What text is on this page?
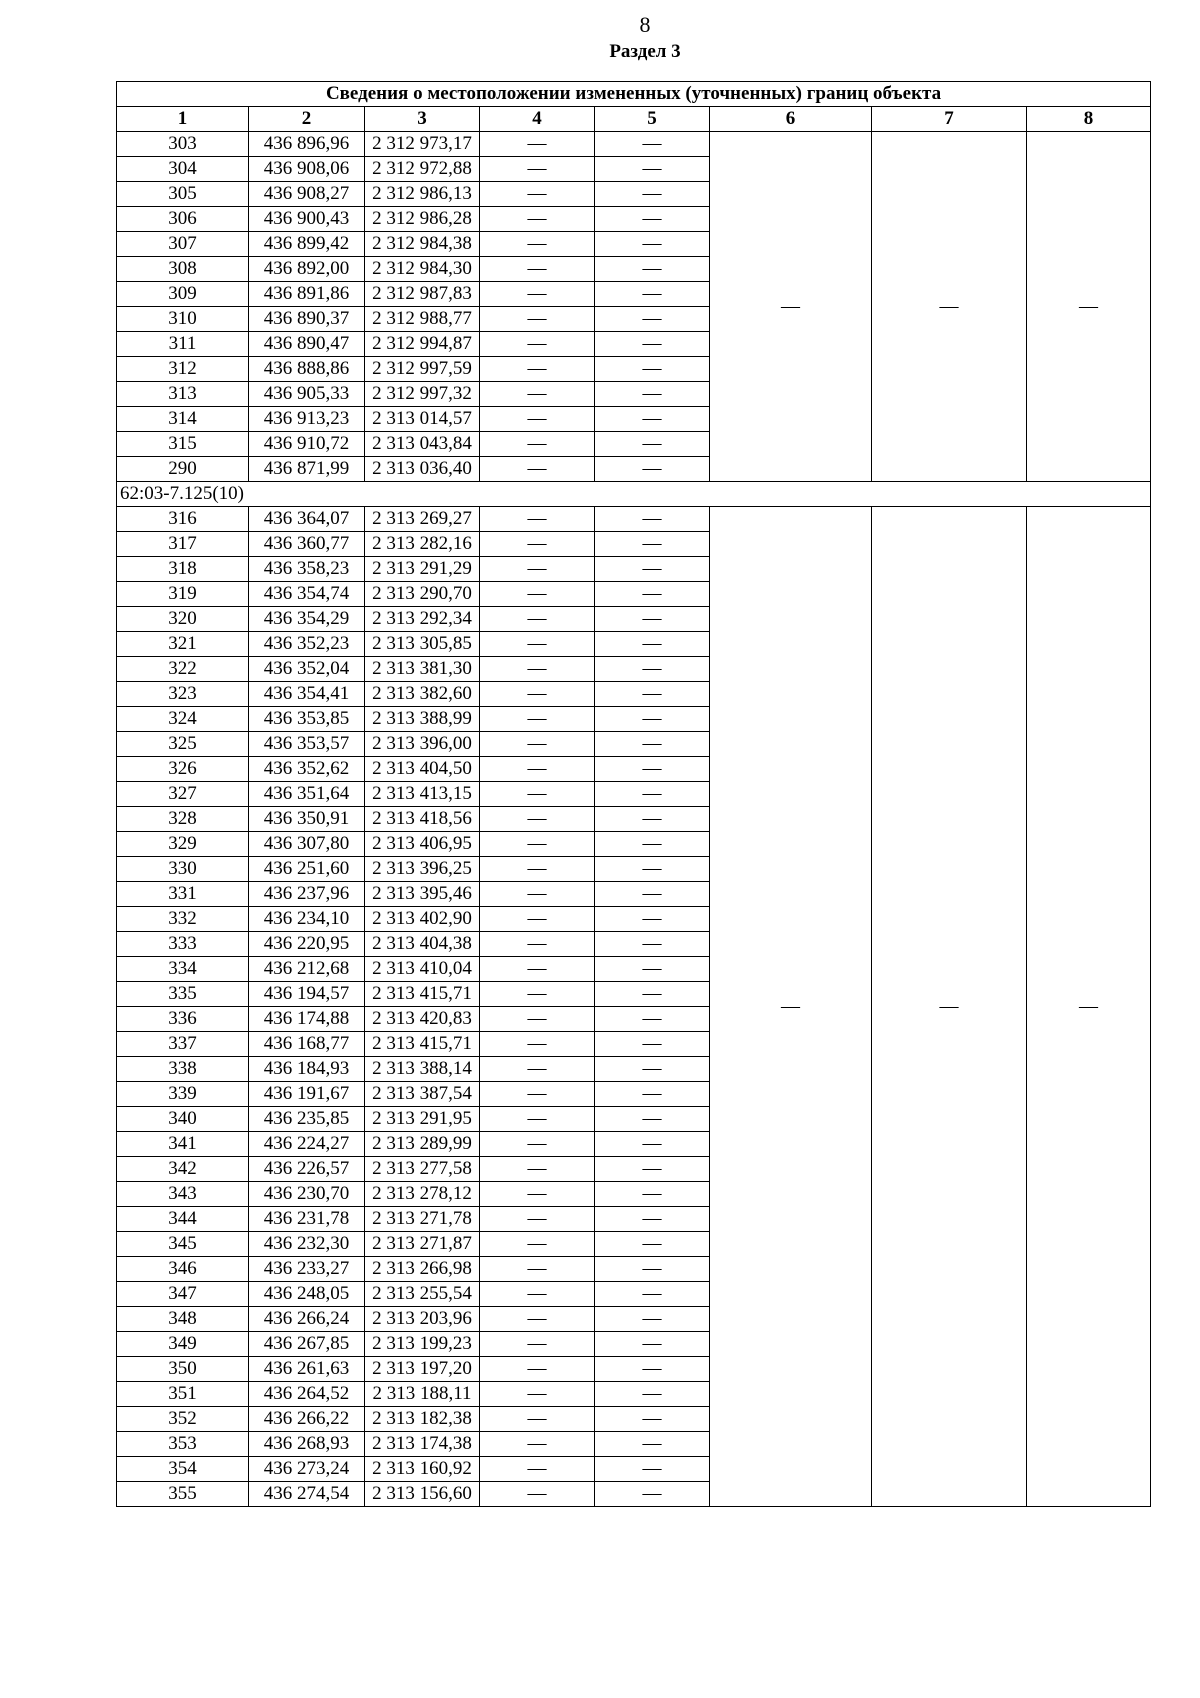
8
Раздел 3
Сведения о местоположении измененных (уточненных) границ объекта							
1	2	3	4	5	6	7	8
303	436 896,96	2 312 973,17	—	—	—	—	—
304	436 908,06	2 312 972,88	—	—			
305	436 908,27	2 312 986,13	—	—			
306	436 900,43	2 312 986,28	—	—			
307	436 899,42	2 312 984,38	—	—			
308	436 892,00	2 312 984,30	—	—			
309	436 891,86	2 312 987,83	—	—			
310	436 890,37	2 312 988,77	—	—			
311	436 890,47	2 312 994,87	—	—			
312	436 888,86	2 312 997,59	—	—			
313	436 905,33	2 312 997,32	—	—			
314	436 913,23	2 313 014,57	—	—			
315	436 910,72	2 313 043,84	—	—			
290	436 871,99	2 313 036,40	—	—			
62:03-7.125(10)							
316	436 364,07	2 313 269,27	—	—	—	—	—
317	436 360,77	2 313 282,16	—	—			
318	436 358,23	2 313 291,29	—	—			
319	436 354,74	2 313 290,70	—	—			
320	436 354,29	2 313 292,34	—	—			
321	436 352,23	2 313 305,85	—	—			
322	436 352,04	2 313 381,30	—	—			
323	436 354,41	2 313 382,60	—	—			
324	436 353,85	2 313 388,99	—	—			
325	436 353,57	2 313 396,00	—	—			
326	436 352,62	2 313 404,50	—	—			
327	436 351,64	2 313 413,15	—	—			
328	436 350,91	2 313 418,56	—	—			
329	436 307,80	2 313 406,95	—	—			
330	436 251,60	2 313 396,25	—	—			
331	436 237,96	2 313 395,46	—	—			
332	436 234,10	2 313 402,90	—	—			
333	436 220,95	2 313 404,38	—	—			
334	436 212,68	2 313 410,04	—	—			
335	436 194,57	2 313 415,71	—	—			
336	436 174,88	2 313 420,83	—	—			
337	436 168,77	2 313 415,71	—	—			
338	436 184,93	2 313 388,14	—	—			
339	436 191,67	2 313 387,54	—	—			
340	436 235,85	2 313 291,95	—	—			
341	436 224,27	2 313 289,99	—	—			
342	436 226,57	2 313 277,58	—	—			
343	436 230,70	2 313 278,12	—	—			
344	436 231,78	2 313 271,78	—	—			
345	436 232,30	2 313 271,87	—	—			
346	436 233,27	2 313 266,98	—	—			
347	436 248,05	2 313 255,54	—	—			
348	436 266,24	2 313 203,96	—	—			
349	436 267,85	2 313 199,23	—	—			
350	436 261,63	2 313 197,20	—	—			
351	436 264,52	2 313 188,11	—	—			
352	436 266,22	2 313 182,38	—	—			
353	436 268,93	2 313 174,38	—	—			
354	436 273,24	2 313 160,92	—	—			
355	436 274,54	2 313 156,60	—	—			
